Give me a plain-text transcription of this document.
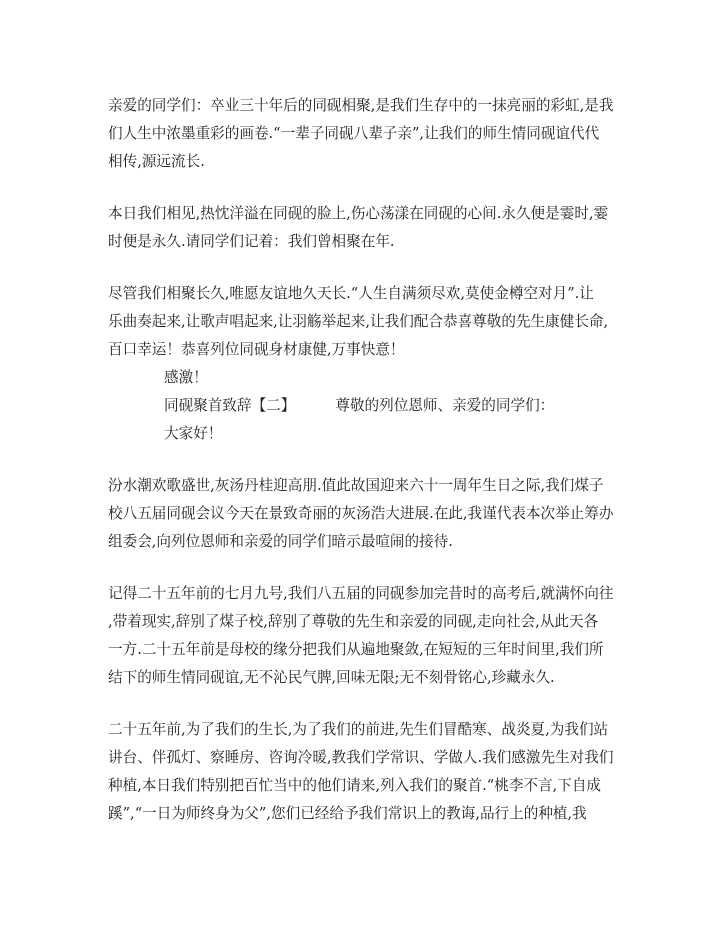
亲爱的同学们：卒业三十年后的同砚相聚,是我们生存中的一抹亮丽的彩虹,是我
们人生中浓墨重彩的画卷.“一辈子同砚八辈子亲”,让我们的师生情同砚谊代代
相传,源远流长.
本日我们相见,热忱洋溢在同砚的脸上,伤心荡漾在同砚的心间.永久便是霎时,霎
时便是永久.请同学们记着：我们曾相聚在年.
尽管我们相聚长久,唯愿友谊地久天长.“人生自满须尽欢,莫使金樽空对月”.让
乐曲奏起来,让歌声唱起来,让羽觞举起来,让我们配合恭喜尊敬的先生康健长命,
百口幸运！恭喜列位同砚身材康健,万事快意！
感激！
同砚聚首致辞【二】	尊敬的列位恩师、亲爱的同学们：
大家好！
汾水潮欢歌盛世,灰汤丹桂迎高朋.值此故国迎来六十一周年生日之际,我们煤子
校八五届同砚会议今天在景致奇丽的灰汤浩大进展.在此,我谨代表本次举止筹办
组委会,向列位恩师和亲爱的同学们暗示最喧闹的接待.
记得二十五年前的七月九号,我们八五届的同砚参加完昔时的高考后,就满怀向往
,带着现实,辞别了煤子校,辞别了尊敬的先生和亲爱的同砚,走向社会,从此天各
一方.二十五年前是母校的缘分把我们从遍地聚敛,在短短的三年时间里,我们所
结下的师生情同砚谊,无不沁民气脾,回味无限;无不刻骨铭心,珍藏永久.
二十五年前,为了我们的生长,为了我们的前进,先生们冒酷寒、战炎夏,为我们站
讲台、伴孤灯、察睡房、咨询冷暖,教我们学常识、学做人.我们感激先生对我们
种植,本日我们特别把百忙当中的他们请来,列入我们的聚首.“桃李不言,下自成
蹊”,“一日为师终身为父”,您们已经给予我们常识上的教诲,品行上的种植,我
